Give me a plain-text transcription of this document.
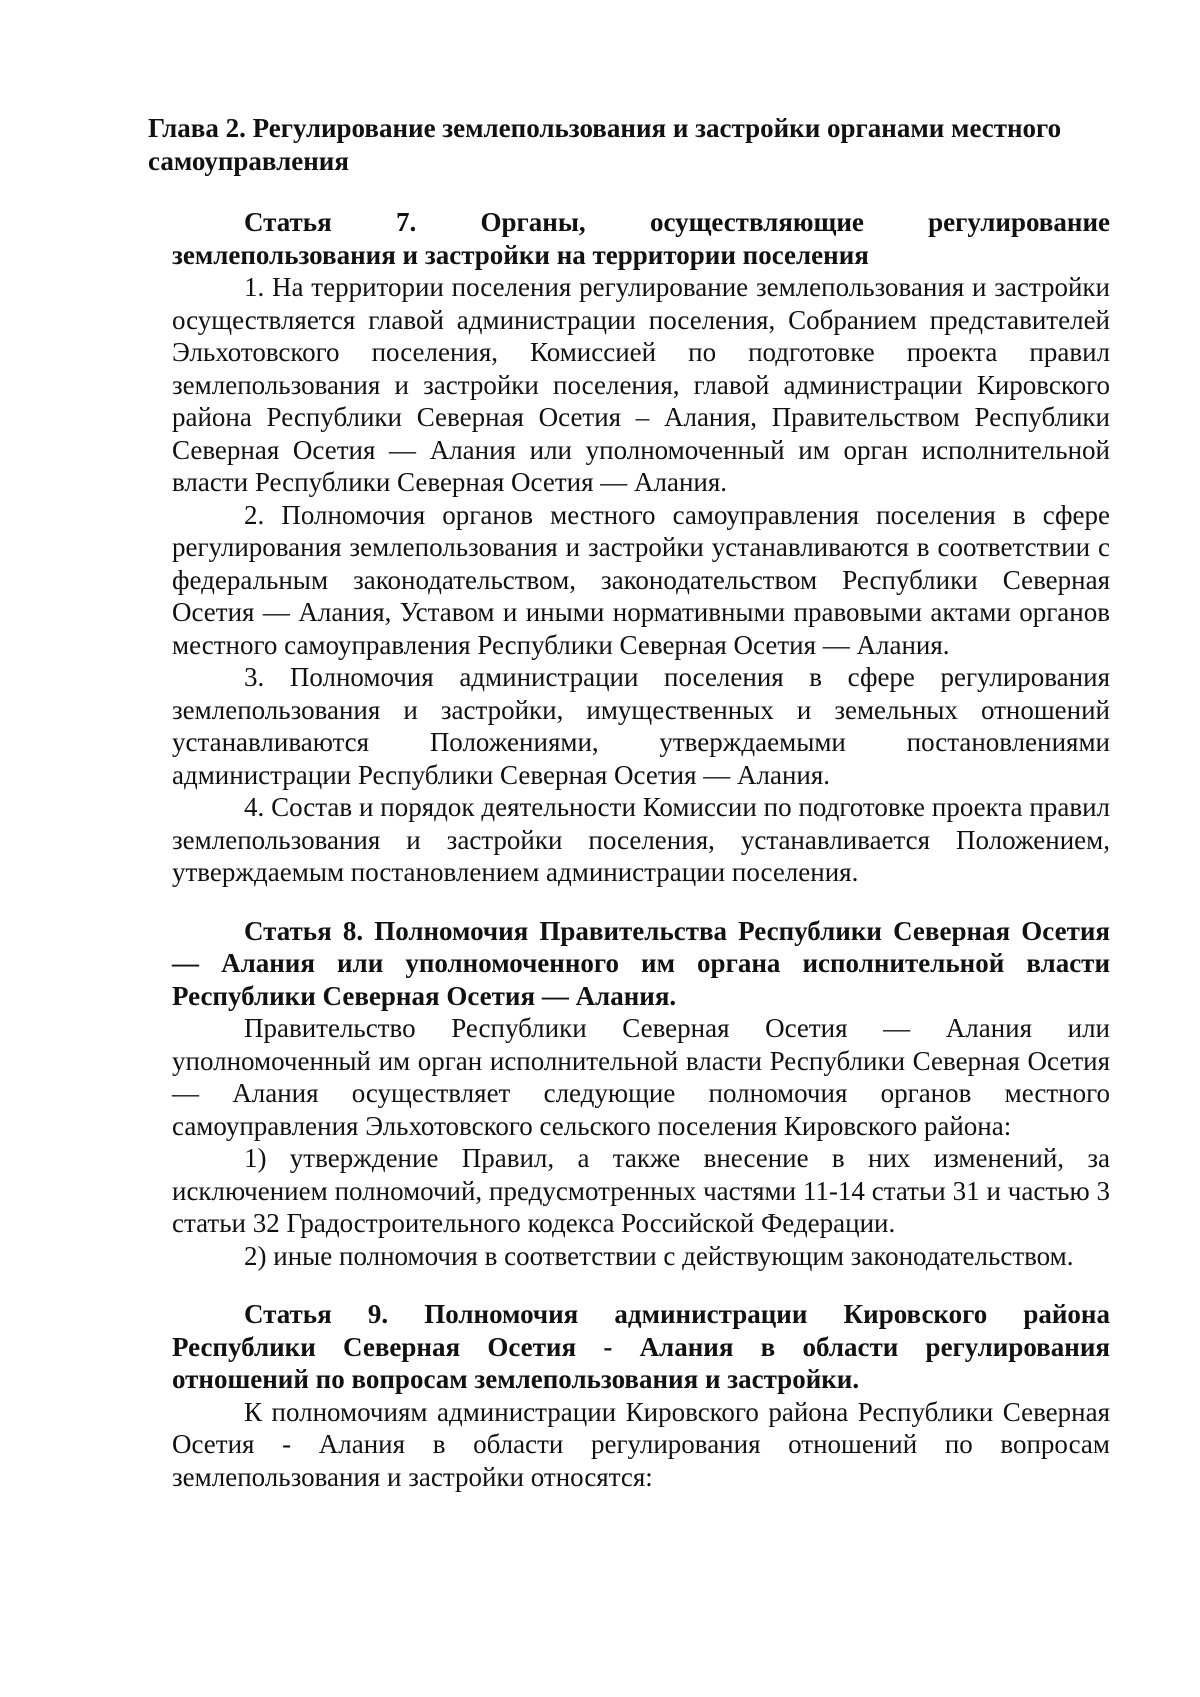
Глава 2. Регулирование землепользования и застройки органами местного самоуправления

Статья 7. Органы, осуществляющие регулирование землепользования и застройки на территории поселения

1. На территории поселения регулирование землепользования и застройки осуществляется главой администрации поселения, Собранием представителей Эльхотовского поселения, Комиссией по подготовке проекта правил землепользования и застройки поселения, главой администрации Кировского района Республики Северная Осетия – Алания, Правительством Республики Северная Осетия — Алания или уполномоченный им орган исполнительной власти Республики Северная Осетия — Алания.

2. Полномочия органов местного самоуправления поселения в сфере регулирования землепользования и застройки устанавливаются в соответствии с федеральным законодательством, законодательством Республики Северная Осетия — Алания, Уставом и иными нормативными правовыми актами органов местного самоуправления Республики Северная Осетия — Алания.

3. Полномочия администрации поселения в сфере регулирования землепользования и застройки, имущественных и земельных отношений устанавливаются Положениями, утверждаемыми постановлениями администрации Республики Северная Осетия — Алания.

4. Состав и порядок деятельности Комиссии по подготовке проекта правил землепользования и застройки поселения, устанавливается Положением, утверждаемым постановлением администрации поселения.

Статья 8. Полномочия Правительства Республики Северная Осетия — Алания или уполномоченного им органа исполнительной власти Республики Северная Осетия — Алания.

Правительство Республики Северная Осетия — Алания или уполномоченный им орган исполнительной власти Республики Северная Осетия — Алания осуществляет следующие полномочия органов местного самоуправления Эльхотовского сельского поселения Кировского района:

1) утверждение Правил, а также внесение в них изменений, за исключением полномочий, предусмотренных частями 11-14 статьи 31 и частью 3 статьи 32 Градостроительного кодекса Российской Федерации.

2) иные полномочия в соответствии с действующим законодательством.

Статья 9. Полномочия администрации Кировского района Республики Северная Осетия - Алания в области регулирования отношений по вопросам землепользования и застройки.

К полномочиям администрации Кировского района Республики Северная Осетия - Алания в области регулирования отношений по вопросам землепользования и застройки относятся:
